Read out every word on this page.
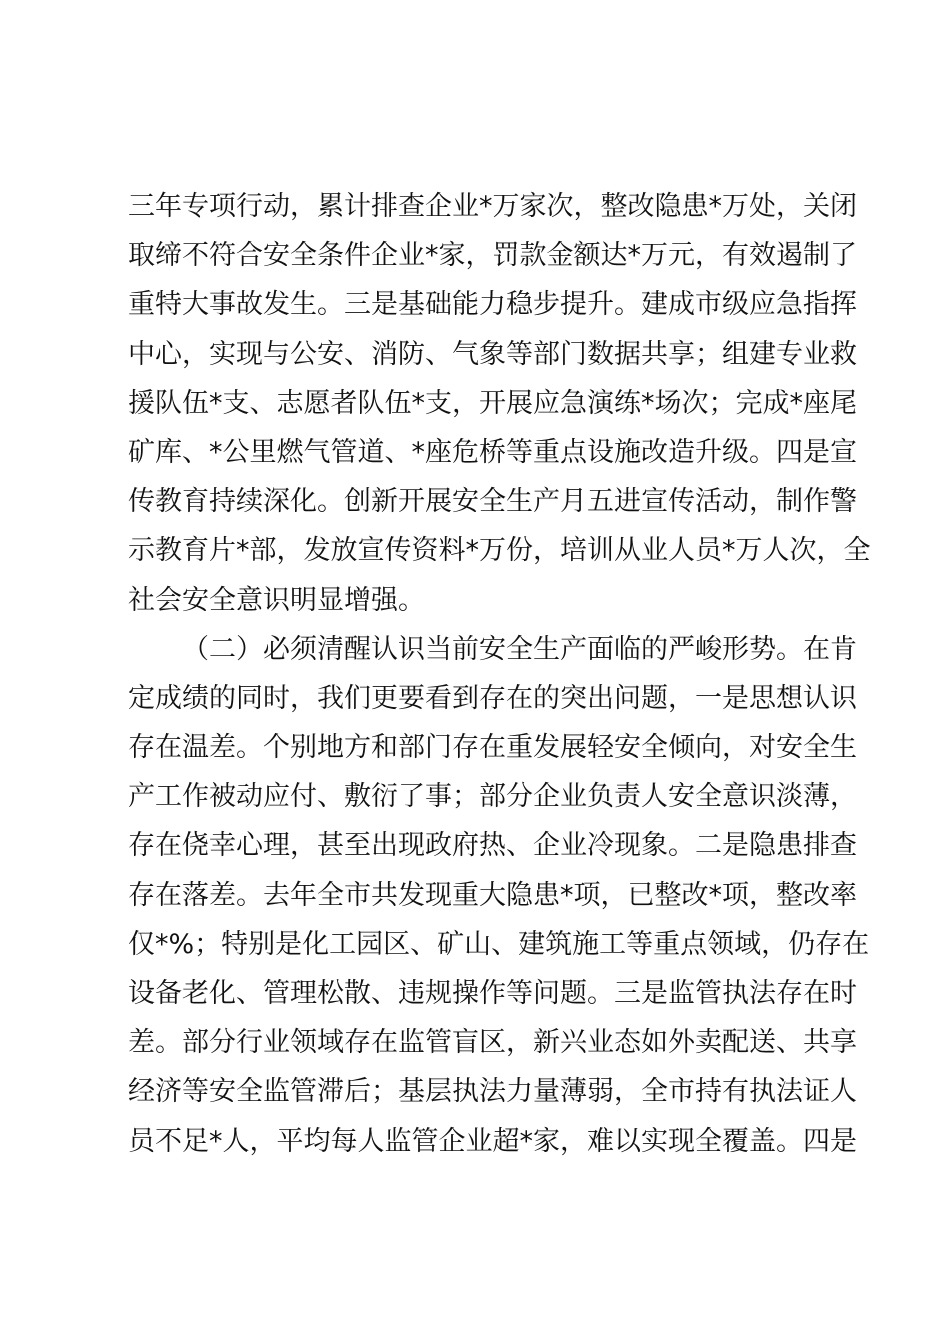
三年专项行动，累计排查企业*万家次，整改隐患*万处，关闭
取缔不符合安全条件企业*家，罚款金额达*万元，有效遏制了
重特大事故发生。三是基础能力稳步提升。建成市级应急指挥
中心，实现与公安、消防、气象等部门数据共享；组建专业救
援队伍*支、志愿者队伍*支，开展应急演练*场次；完成*座尾
矿库、*公里燃气管道、*座危桥等重点设施改造升级。四是宣
传教育持续深化。创新开展安全生产月五进宣传活动，制作警
示教育片*部，发放宣传资料*万份，培训从业人员*万人次，全
社会安全意识明显增强。
（二）必须清醒认识当前安全生产面临的严峻形势。在肯
定成绩的同时，我们更要看到存在的突出问题，一是思想认识
存在温差。个别地方和部门存在重发展轻安全倾向，对安全生
产工作被动应付、敷衍了事；部分企业负责人安全意识淡薄，
存在侥幸心理，甚至出现政府热、企业冷现象。二是隐患排查
存在落差。去年全市共发现重大隐患*项，已整改*项，整改率
仅*%；特别是化工园区、矿山、建筑施工等重点领域，仍存在
设备老化、管理松散、违规操作等问题。三是监管执法存在时
差。部分行业领域存在监管盲区，新兴业态如外卖配送、共享
经济等安全监管滞后；基层执法力量薄弱，全市持有执法证人
员不足*人，平均每人监管企业超*家，难以实现全覆盖。四是
